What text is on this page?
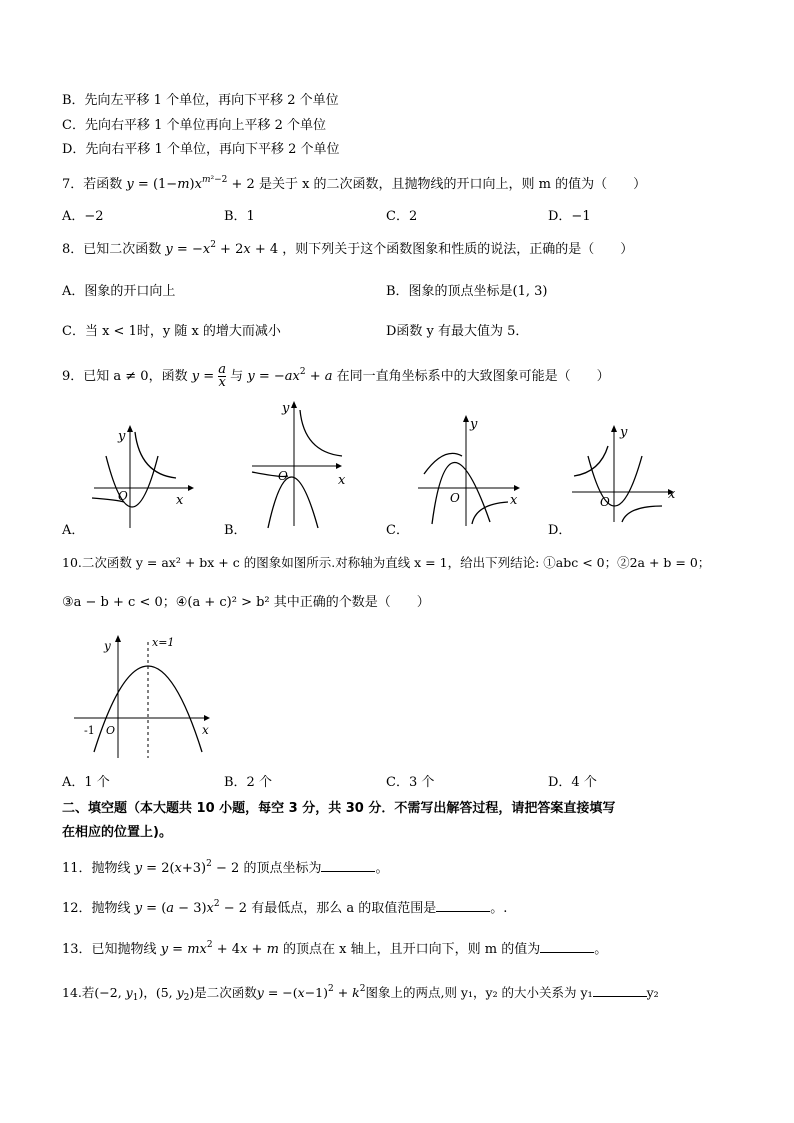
B．先向左平移 1 个单位，再向下平移 2 个单位
C．先向右平移 1 个单位再向上平移 2 个单位
D．先向右平移 1 个单位，再向下平移 2 个单位
7．若函数 $y = (1-m)x^{m^2-2} + 2$ 是关于 x 的二次函数，且抛物线的开口向上，则 m 的值为（　　）
A．−2	B．1	C．2	D．−1
8．已知二次函数 $y = -x^2 + 2x + 4$ ，则下列关于这个函数图象和性质的说法，正确的是（　　）
A．图象的开口向上	B．图象的顶点坐标是(1, 3)
C．当 x < 1时，y 随 x 的增大而减小	D函数 y 有最大值为 5．
9．已知 a ≠ 0，函数 $y = \frac{a}{x}$ 与 $y = -ax^2 + a$ 在同一直角坐标系中的大致图象可能是（　　）
y
x
O
A．
y
x
O
B．
y
x
O
C．
y
x
O
D．
10.二次函数 y = ax² + bx + c 的图象如图所示.对称轴为直线 x = 1，给出下列结论: ①abc < 0；②2a + b = 0；
③a − b + c < 0；④(a + c)² > b² 其中正确的个数是（　　）
y	x=1
-1 O	x
A．1 个	B．2 个	C．3 个	D．4 个
二、填空题（本大题共 10 小题，每空 3 分，共 30 分．不需写出解答过程，请把答案直接填写
在相应的位置上)。
11．抛物线 $y = 2(x+3)^2 - 2$ 的顶点坐标为	。
12．抛物线 $y = (a - 3)x^2 - 2$ 有最低点，那么 a 的取值范围是	。.
13．已知抛物线 $y = mx^2 + 4x + m$ 的顶点在 x 轴上，且开口向下，则 m 的值为	。
14.若(−2, $y_1$)，(5, $y_2$)是二次函数$y = -(x-1)^2 + k^2$图象上的两点,则 y₁，y₂ 的大小关系为 y₁	y₂
